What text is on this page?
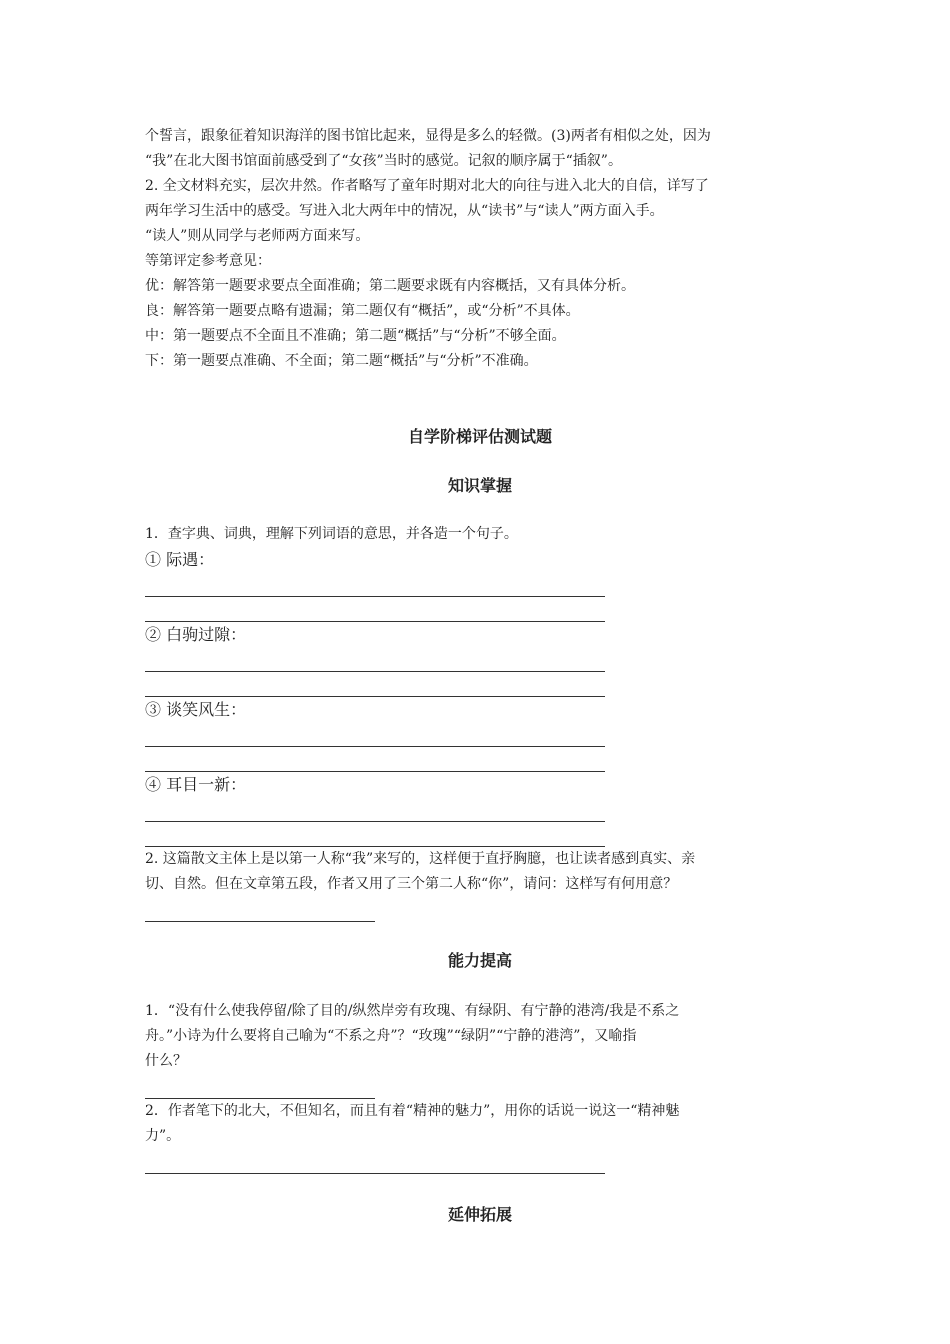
个誓言，跟象征着知识海洋的图书馆比起来，显得是多么的轻微。(3)两者有相似之处，因为

“我”在北大图书馆面前感受到了“女孩”当时的感觉。记叙的顺序属于“插叙”。

2. 全文材料充实，层次井然。作者略写了童年时期对北大的向往与进入北大的自信，详写了

两年学习生活中的感受。写进入北大两年中的情况，从“读书”与“读人”两方面入手。

“读人”则从同学与老师两方面来写。

等第评定参考意见：

优：解答第一题要求要点全面准确；第二题要求既有内容概括，又有具体分析。

良：解答第一题要点略有遗漏；第二题仅有“概括”，或“分析”不具体。

中：第一题要点不全面且不准确；第二题“概括”与“分析”不够全面。

下：第一题要点准确、不全面；第二题“概括”与“分析”不准确。

自学阶梯评估测试题
知识掌握

1．查字典、词典，理解下列词语的意思，并各造一个句子。

① 际遇：

② 白驹过隙：

③ 谈笑风生：

④ 耳目一新：

2. 这篇散文主体上是以第一人称“我”来写的，这样便于直抒胸臆，也让读者感到真实、亲

切、自然。但在文章第五段，作者又用了三个第二人称“你”，请问：这样写有何用意？

能力提高

1．“没有什么使我停留/除了目的/纵然岸旁有玫瑰、有绿阴、有宁静的港湾/我是不系之

舟。”小诗为什么要将自己喻为“不系之舟”？“玫瑰”“绿阴”“宁静的港湾”，又喻指

什么？

2．作者笔下的北大，不但知名，而且有着“精神的魅力”，用你的话说一说这一“精神魅

力”。

延伸拓展
